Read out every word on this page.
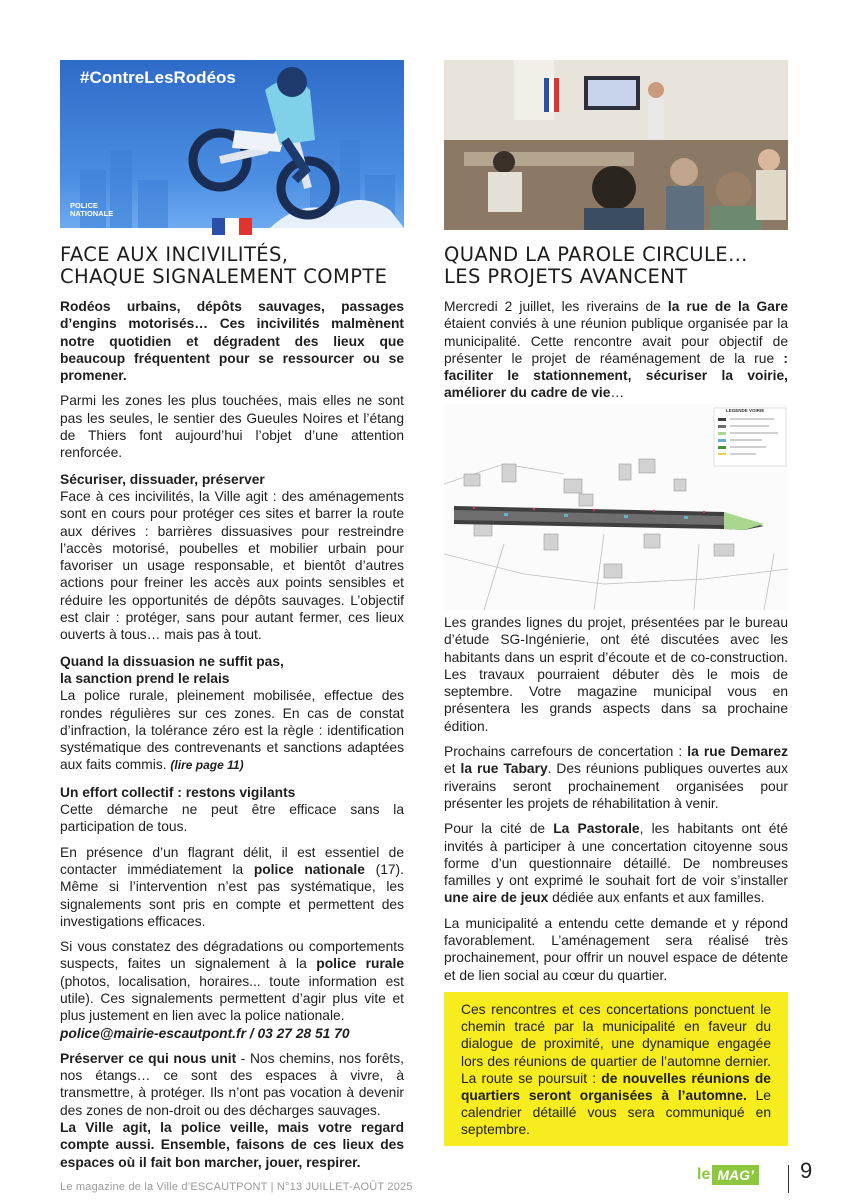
#ContreLesRodéos
POLICE NATIONALE
FACE AUX INCIVILITÉS,
CHAQUE SIGNALEMENT COMPTE

Rodéos urbains, dépôts sauvages, passages d’engins motorisés… Ces incivilités malmènent notre quotidien et dégradent des lieux que beaucoup fréquentent pour se ressourcer ou se promener.

Parmi les zones les plus touchées, mais elles ne sont pas les seules, le sentier des Gueules Noires et l’étang de Thiers font aujourd’hui l’objet d’une attention renforcée.

Sécuriser, dissuader, préserver

Face à ces incivilités, la Ville agit : des aménagements sont en cours pour protéger ces sites et barrer la route aux dérives : barrières dissuasives pour restreindre l’accès motorisé, poubelles et mobilier urbain pour favoriser un usage responsable, et bientôt d’autres actions pour freiner les accès aux points sensibles et réduire les opportunités de dépôts sauvages. L’objectif est clair : protéger, sans pour autant fermer, ces lieux ouverts à tous… mais pas à tout.

Quand la dissuasion ne suffit pas,
la sanction prend le relais

La police rurale, pleinement mobilisée, effectue des rondes régulières sur ces zones. En cas de constat d’infraction, la tolérance zéro est la règle : identification systématique des contrevenants et sanctions adaptées aux faits commis. (lire page 11)

Un effort collectif : restons vigilants

Cette démarche ne peut être efficace sans la participation de tous.

En présence d’un flagrant délit, il est essentiel de contacter immédiatement la police nationale (17). Même si l’intervention n’est pas systématique, les signalements sont pris en compte et permettent des investigations efficaces.

Si vous constatez des dégradations ou comportements suspects, faites un signalement à la police rurale (photos, localisation, horaires... toute information est utile). Ces signalements permettent d’agir plus vite et plus justement en lien avec la police nationale.

police@mairie-escautpont.fr / 03 27 28 51 70

Préserver ce qui nous unit - Nos chemins, nos forêts, nos étangs… ce sont des espaces à vivre, à transmettre, à protéger. Ils n’ont pas vocation à devenir des zones de non-droit ou des décharges sauvages.

La Ville agit, la police veille, mais votre regard compte aussi. Ensemble, faisons de ces lieux des espaces où il fait bon marcher, jouer, respirer.

QUAND LA PAROLE CIRCULE…
LES PROJETS AVANCENT

Mercredi 2 juillet, les riverains de la rue de la Gare étaient conviés à une réunion publique organisée par la municipalité. Cette rencontre avait pour objectif de présenter le projet de réaménagement de la rue : faciliter le stationnement, sécuriser la voirie, améliorer du cadre de vie…

LEGENDE VOIRIE

Les grandes lignes du projet, présentées par le bureau d’étude SG-Ingénierie, ont été discutées avec les habitants dans un esprit d’écoute et de co-construction. Les travaux pourraient débuter dès le mois de septembre. Votre magazine municipal vous en présentera les grands aspects dans sa prochaine édition.

Prochains carrefours de concertation : la rue Demarez et la rue Tabary. Des réunions publiques ouvertes aux riverains seront prochainement organisées pour présenter les projets de réhabilitation à venir.

Pour la cité de La Pastorale, les habitants ont été invités à participer à une concertation citoyenne sous forme d’un questionnaire détaillé. De nombreuses familles y ont exprimé le souhait fort de voir s’installer une aire de jeux dédiée aux enfants et aux familles.

La municipalité a entendu cette demande et y répond favorablement. L’aménagement sera réalisé très prochainement, pour offrir un nouvel espace de détente et de lien social au cœur du quartier.

Ces rencontres et ces concertations ponctuent le chemin tracé par la municipalité en faveur du dialogue de proximité, une dynamique engagée lors des réunions de quartier de l’automne dernier. La route se poursuit : de nouvelles réunions de quartiers seront organisées à l’automne. Le calendrier détaillé vous sera communiqué en septembre.

Le magazine de la Ville d’ESCAUTPONT | N°13 JUILLET-AOÛT 2025
le MAG’ 9
